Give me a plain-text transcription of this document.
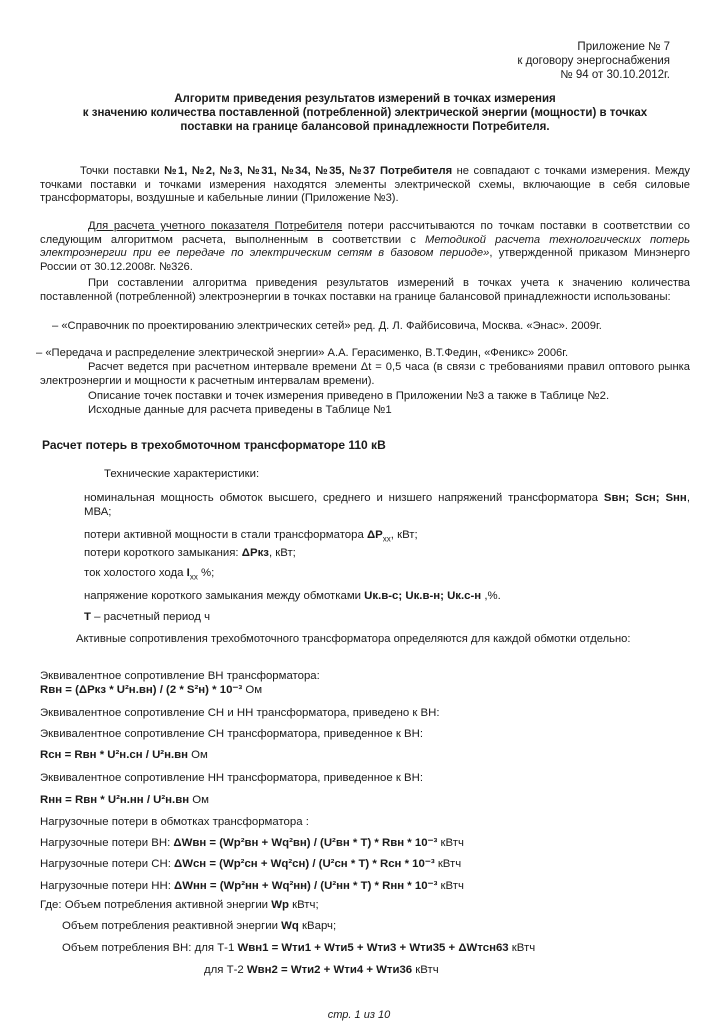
Приложение № 7
к договору энергоснабжения
№ 94 от 30.10.2012г.
Алгоритм приведения результатов измерений в точках измерения
к значению количества поставленной (потребленной) электрической энергии (мощности) в точках
поставки на границе балансовой принадлежности Потребителя.
Точки поставки №1, №2, №3, №31, №34, №35, №37 Потребителя не совпадают с точками измерения. Между точками поставки и точками измерения находятся элементы электрической схемы, включающие в себя силовые трансформаторы, воздушные и кабельные линии (Приложение №3).
Для расчета учетного показателя Потребителя потери рассчитываются по точкам поставки в соответствии со следующим алгоритмом расчета, выполненным в соответствии с Методикой расчета технологических потерь электроэнергии при ее передаче по электрическим сетям в базовом периоде», утвержденной приказом Минэнерго России от 30.12.2008г. №326.
При составлении алгоритма приведения результатов измерений в точках учета к значению количества поставленной (потребленной) электроэнергии в точках поставки на границе балансовой принадлежности использованы:
– «Справочник по проектированию электрических сетей» ред. Д. Л. Файбисовича, Москва. «Энас». 2009г.
– «Передача и распределение электрической энергии» А.А. Герасименко, В.Т.Федин, «Феникс» 2006г.
Расчет ведется при расчетном интервале времени Δt = 0,5 часа (в связи с требованиями правил оптового рынка электроэнергии и мощности к расчетным интервалам времени).
Описание точек поставки и точек измерения приведено в Приложении №3 а также в Таблице №2.
Исходные данные для расчета приведены в Таблице №1
Расчет потерь в трехобмоточном трансформаторе 110 кВ
Технические характеристики:
номинальная мощность обмоток высшего, среднего и низшего напряжений трансформатора Sвн; Sсн; Sнн, МВА;
потери активной мощности в стали трансформатора $\Delta P_{xx}$, кВт;
потери короткого замыкания: ΔPкз, кВт;
ток холостого хода $I_{xx}$ %;
напряжение короткого замыкания между обмотками Uк.в-с; Uк.в-н; Uк.с-н ,%.
Т – расчетный период ч
Активные сопротивления трехобмоточного трансформатора определяются для каждой обмотки отдельно:
Эквивалентное сопротивление ВН трансформатора:
Rвн = (ΔPкз * U²н.вн) / (2 * S²н) * 10⁻³ Ом
Эквивалентное сопротивление СН и НН трансформатора, приведено к ВН:
Эквивалентное сопротивление СН трансформатора, приведенное к ВН:
Rсн = Rвн * U²н.сн / U²н.вн Ом
Эквивалентное сопротивление НН трансформатора, приведенное к ВН:
Rнн = Rвн * U²н.нн / U²н.вн Ом
Нагрузочные потери в обмотках трансформатора :
Нагрузочные потери ВН: ΔWвн = (Wp²вн + Wq²вн) / (U²вн * T) * Rвн * 10⁻³ кВтч
Нагрузочные потери СН: ΔWсн = (Wp²сн + Wq²сн) / (U²сн * T) * Rсн * 10⁻³ кВтч
Нагрузочные потери НН: ΔWнн = (Wp²нн + Wq²нн) / (U²нн * T) * Rнн * 10⁻³ кВтч
Где: Объем потребления активной энергии Wp кВтч;
Объем потребления реактивной энергии Wq кВарч;
Объем потребления ВН: для Т-1 Wвн1 = Wти1 + Wти5 + Wти3 + Wти35 + ΔWтсн63 кВтч
для Т-2 Wвн2 = Wти2 + Wти4 + Wти36 кВтч
стр. 1 из 10
